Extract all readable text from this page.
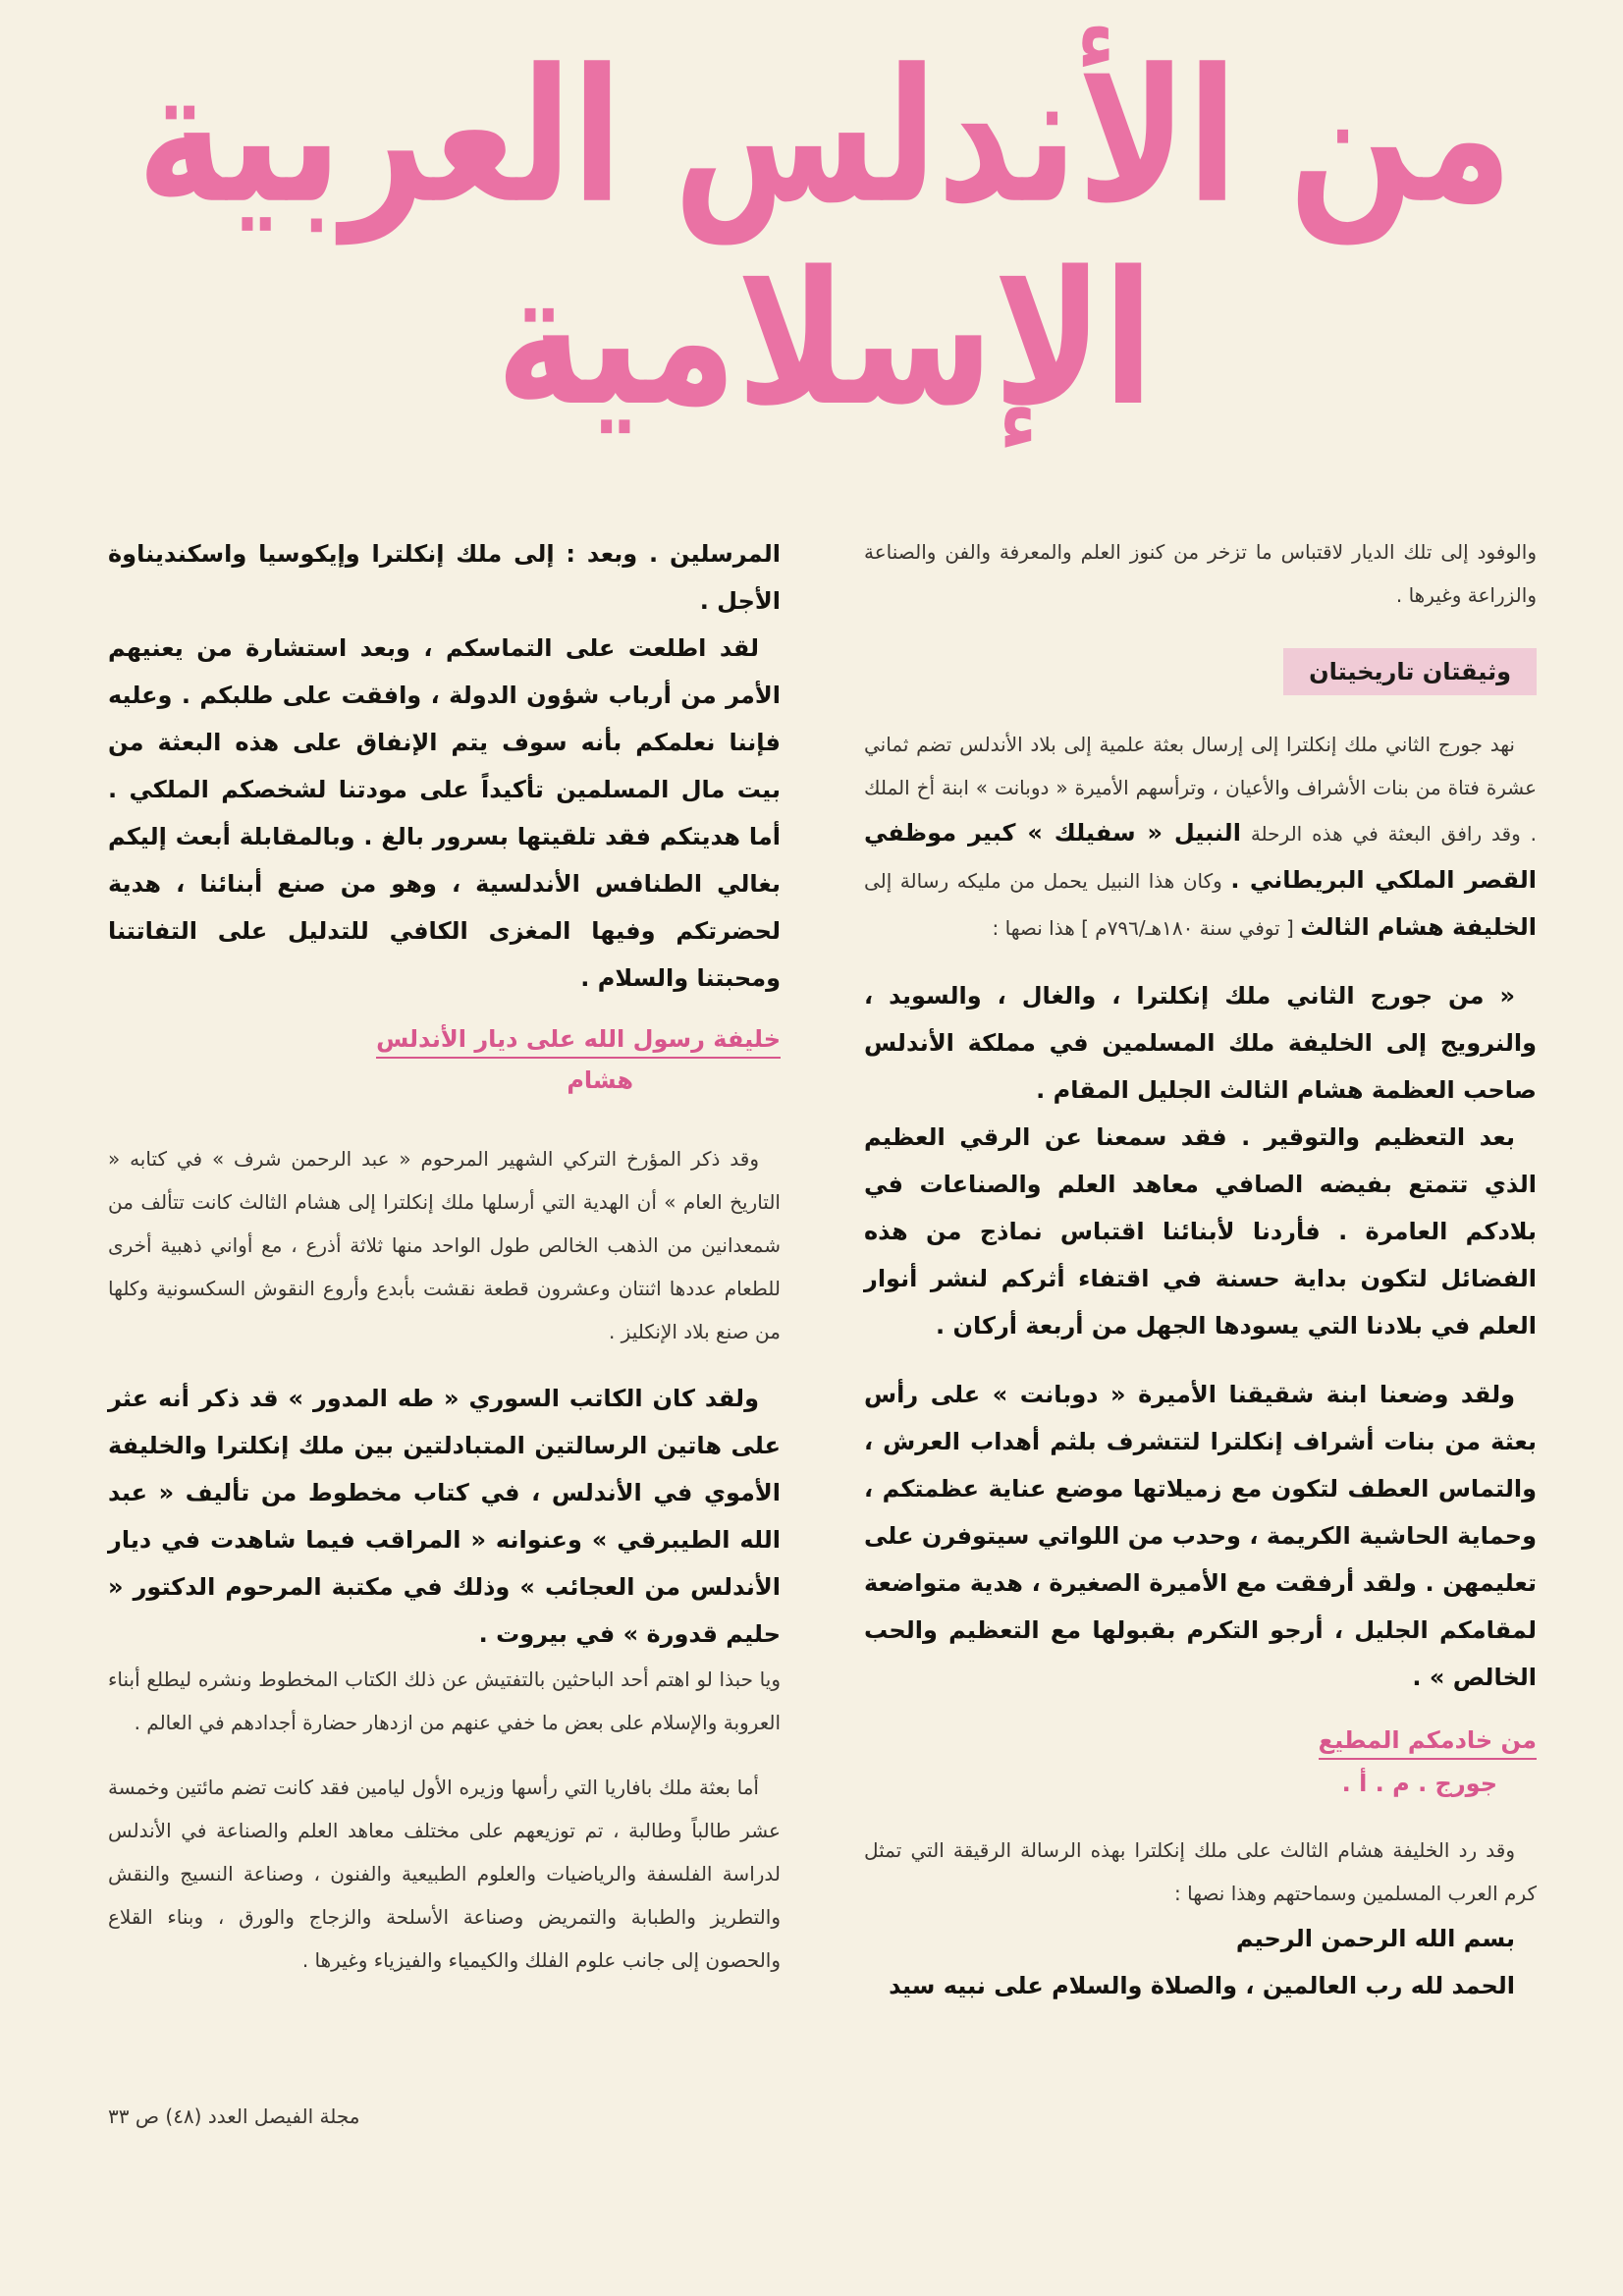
من الأندلس العربية الإسلامية

والوفود إلى تلك الديار لاقتباس ما تزخر من كنوز العلم والمعرفة والفن والصناعة والزراعة وغيرها .

وثيقتان تاريخيتان

نهد جورج الثاني ملك إنكلترا إلى إرسال بعثة علمية إلى بلاد الأندلس تضم ثماني عشرة فتاة من بنات الأشراف والأعيان ، وترأسهم الأميرة « دوبانت » ابنة أخ الملك . وقد رافق البعثة في هذه الرحلة النبيل « سفيلك » كبير موظفي القصر الملكي البريطاني . وكان هذا النبيل يحمل من مليكه رسالة إلى الخليفة هشام الثالث [ توفي سنة ١٨٠هـ/٧٩٦م ] هذا نصها :

« من جورج الثاني ملك إنكلترا ، والغال ، والسويد ، والنرويج إلى الخليفة ملك المسلمين في مملكة الأندلس صاحب العظمة هشام الثالث الجليل المقام .

بعد التعظيم والتوقير . فقد سمعنا عن الرقي العظيم الذي تتمتع بفيضه الصافي معاهد العلم والصناعات في بلادكم العامرة . فأردنا لأبنائنا اقتباس نماذج من هذه الفضائل لتكون بداية حسنة في اقتفاء أثركم لنشر أنوار العلم في بلادنا التي يسودها الجهل من أربعة أركان .

ولقد وضعنا ابنة شقيقنا الأميرة « دوبانت » على رأس بعثة من بنات أشراف إنكلترا لتتشرف بلثم أهداب العرش ، والتماس العطف لتكون مع زميلاتها موضع عناية عظمتكم ، وحماية الحاشية الكريمة ، وحدب من اللواتي سيتوفرن على تعليمهن . ولقد أرفقت مع الأميرة الصغيرة ، هدية متواضعة لمقامكم الجليل ، أرجو التكرم بقبولها مع التعظيم والحب الخالص » .

من خادمكم المطيع
جورج . م . أ .

وقد رد الخليفة هشام الثالث على ملك إنكلترا بهذه الرسالة الرقيقة التي تمثل كرم العرب المسلمين وسماحتهم وهذا نصها :

بسم الله الرحمن الرحيم

الحمد لله رب العالمين ، والصلاة والسلام على نبيه سيد

المرسلين . وبعد : إلى ملك إنكلترا وإيكوسيا واسكنديناوة الأجل .

لقد اطلعت على التماسكم ، وبعد استشارة من يعنيهم الأمر من أرباب شؤون الدولة ، وافقت على طلبكم . وعليه فإننا نعلمكم بأنه سوف يتم الإنفاق على هذه البعثة من بيت مال المسلمين تأكيداً على مودتنا لشخصكم الملكي . أما هديتكم فقد تلقيتها بسرور بالغ . وبالمقابلة أبعث إليكم بغالي الطنافس الأندلسية ، وهو من صنع أبنائنا ، هدية لحضرتكم وفيها المغزى الكافي للتدليل على التفاتتنا ومحبتنا والسلام .

خليفة رسول الله على ديار الأندلس
هشام

وقد ذكر المؤرخ التركي الشهير المرحوم « عبد الرحمن شرف » في كتابه « التاريخ العام » أن الهدية التي أرسلها ملك إنكلترا إلى هشام الثالث كانت تتألف من شمعدانين من الذهب الخالص طول الواحد منها ثلاثة أذرع ، مع أواني ذهبية أخرى للطعام عددها اثنتان وعشرون قطعة نقشت بأبدع وأروع النقوش السكسونية وكلها من صنع بلاد الإنكليز .

ولقد كان الكاتب السوري « طه المدور » قد ذكر أنه عثر على هاتين الرسالتين المتبادلتين بين ملك إنكلترا والخليفة الأموي في الأندلس ، في كتاب مخطوط من تأليف « عبد الله الطيبرقي » وعنوانه « المراقب فيما شاهدت في ديار الأندلس من العجائب » وذلك في مكتبة المرحوم الدكتور « حليم قدورة » في بيروت .

ويا حبذا لو اهتم أحد الباحثين بالتفتيش عن ذلك الكتاب المخطوط ونشره ليطلع أبناء العروبة والإسلام على بعض ما خفي عنهم من ازدهار حضارة أجدادهم في العالم .

أما بعثة ملك بافاريا التي رأسها وزيره الأول ليامين فقد كانت تضم مائتين وخمسة عشر طالباً وطالبة ، تم توزيعهم على مختلف معاهد العلم والصناعة في الأندلس لدراسة الفلسفة والرياضيات والعلوم الطبيعية والفنون ، وصناعة النسيج والنقش والتطريز والطبابة والتمريض وصناعة الأسلحة والزجاج والورق ، وبناء القلاع والحصون إلى جانب علوم الفلك والكيمياء والفيزياء وغيرها .

مجلة الفيصل العدد (٤٨) ص ٣٣
